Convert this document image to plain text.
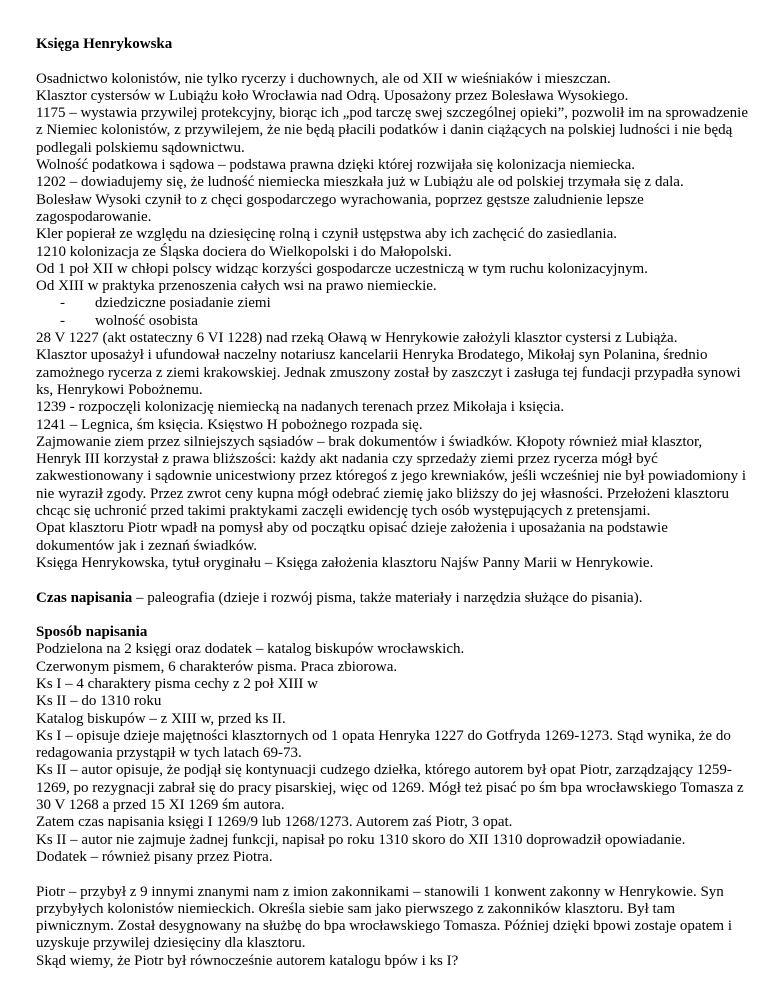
Księga Henrykowska

Osadnictwo kolonistów, nie tylko rycerzy i duchownych, ale od XII w wieśniaków i mieszczan.

Klasztor cystersów w Lubiążu koło Wrocławia nad Odrą. Uposażony przez Bolesława Wysokiego.

1175 – wystawia przywilej protekcyjny, biorąc ich „pod tarczę swej szczególnej opieki”, pozwolił im na sprowadzenie z Niemiec kolonistów, z przywilejem, że nie będą płacili podatków i danin ciążących na polskiej ludności i nie będą podlegali polskiemu sądownictwu.

Wolność podatkowa i sądowa – podstawa prawna dzięki której rozwijała się kolonizacja niemiecka.

1202 – dowiadujemy się, że ludność niemiecka mieszkała już w Lubiążu ale od polskiej trzymała się z dala.

Bolesław Wysoki czynił to z chęci gospodarczego wyrachowania, poprzez gęstsze zaludnienie lepsze zagospodarowanie.

Kler popierał ze względu na dziesięcinę rolną i czynił ustępstwa aby ich zachęcić do zasiedlania.

1210 kolonizacja ze Śląska dociera do Wielkopolski i do Małopolski.

Od 1 poł XII w chłopi polscy widząc korzyści gospodarcze uczestniczą w tym ruchu kolonizacyjnym.

Od XIII w praktyka przenoszenia całych wsi na prawo niemieckie.

- dziedziczne posiadanie ziemi
- wolność osobista

28 V 1227 (akt ostateczny 6 VI 1228) nad rzeką Oławą w Henrykowie założyli klasztor cystersi z Lubiąża.

Klasztor uposażył i ufundował naczelny notariusz kancelarii Henryka Brodatego, Mikołaj syn Polanina, średnio zamożnego rycerza z ziemi krakowskiej. Jednak zmuszony został by zaszczyt i zasługa tej fundacji przypadła synowi ks, Henrykowi Pobożnemu.

1239 - rozpoczęli kolonizację niemiecką na nadanych terenach przez Mikołaja i księcia.

1241 – Legnica, śm księcia. Księstwo H pobożnego rozpada się.

Zajmowanie ziem przez silniejszych sąsiadów – brak dokumentów i świadków. Kłopoty również miał klasztor, Henryk III korzystał z prawa bliższości: każdy akt nadania czy sprzedaży ziemi przez rycerza mógł być zakwestionowany i sądownie unicestwiony przez któregoś z jego krewniaków, jeśli wcześniej nie był powiadomiony i nie wyraził zgody. Przez zwrot ceny kupna mógł odebrać ziemię jako bliższy do jej własności. Przełożeni klasztoru chcąc się uchronić przed takimi praktykami zaczęli ewidencję tych osób występujących z pretensjami.

Opat klasztoru Piotr wpadł na pomysł aby od początku opisać dzieje założenia i uposażania na podstawie dokumentów jak i zeznań świadków.

Księga Henrykowska, tytuł oryginału – Księga założenia klasztoru Najśw Panny Marii w Henrykowie.

Czas napisania – paleografia (dzieje i rozwój pisma, także materiały i narzędzia służące do pisania).

Sposób napisania

Podzielona na 2 księgi oraz dodatek – katalog biskupów wrocławskich.

Czerwonym pismem, 6 charakterów pisma. Praca zbiorowa.

Ks I – 4 charaktery pisma cechy z 2 poł XIII w

Ks II – do 1310 roku

Katalog biskupów – z XIII w, przed ks II.

Ks I – opisuje dzieje majętności klasztornych od 1 opata Henryka 1227 do Gotfryda 1269-1273. Stąd wynika, że do redagowania przystąpił w tych latach 69-73.

Ks II – autor opisuje, że podjął się kontynuacji cudzego dziełka, którego autorem był opat Piotr, zarządzający 1259-1269, po rezygnacji zabrał się do pracy pisarskiej, więc od 1269. Mógł też pisać po śm bpa wrocławskiego Tomasza z 30 V 1268 a przed 15 XI 1269 śm autora.

Zatem czas napisania księgi I 1269/9 lub 1268/1273. Autorem zaś Piotr, 3 opat.

Ks II – autor nie zajmuje żadnej funkcji, napisał po roku 1310 skoro do XII 1310 doprowadził opowiadanie.

Dodatek – również pisany przez Piotra.

Piotr – przybył z 9 innymi znanymi nam z imion zakonnikami – stanowili 1 konwent zakonny w Henrykowie. Syn przybyłych kolonistów niemieckich. Określa siebie sam jako pierwszego z zakonników klasztoru. Był tam piwnicznym. Został desygnowany na służbę do bpa wrocławskiego Tomasza. Później dzięki bpowi zostaje opatem i uzyskuje przywilej dziesięciny dla klasztoru.

Skąd wiemy, że Piotr był równocześnie autorem katalogu bpów i ks I?
